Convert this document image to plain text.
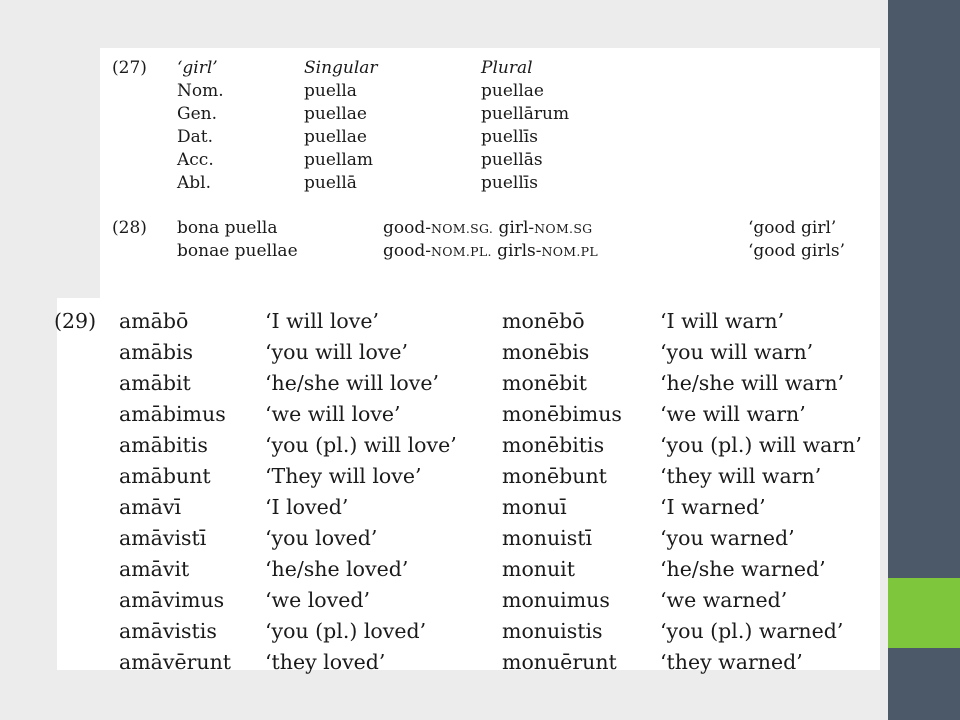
(27) ‘girl’	Singular	Plural
Nom.	puella	puellae
Gen.	puellae	puellārum
Dat.	puellae	puellīs
Acc.	puellam	puellās
Abl.	puellā	puellīs
(28) bona puella	good-NOM.SG. girl-NOM.SG	‘good girl’
bonae puellae	good-NOM.PL. girls-NOM.PL	‘good girls’
(29) amābō	‘I will love’	monēbō	‘I will warn’
amābis	‘you will love’	monēbis	‘you will warn’
amābit	‘he/she will love’	monēbit	‘he/she will warn’
amābimus ‘we will love’	monēbimus ‘we will warn’
amābitis	‘you (pl.) will love’ monēbitis	‘you (pl.) will warn’
amābunt	‘They will love’	monēbunt	‘they will warn’
amāvī	‘I loved’	monuī	‘I warned’
amāvistī	‘you loved’	monuistī	‘you warned’
amāvit	‘he/she loved’	monuit	‘he/she warned’
amāvimus ‘we loved’	monuimus ‘we warned’
amāvistis ‘you (pl.) loved’	monuistis	‘you (pl.) warned’
amāvērunt ‘they loved’	monuērunt ‘they warned’
